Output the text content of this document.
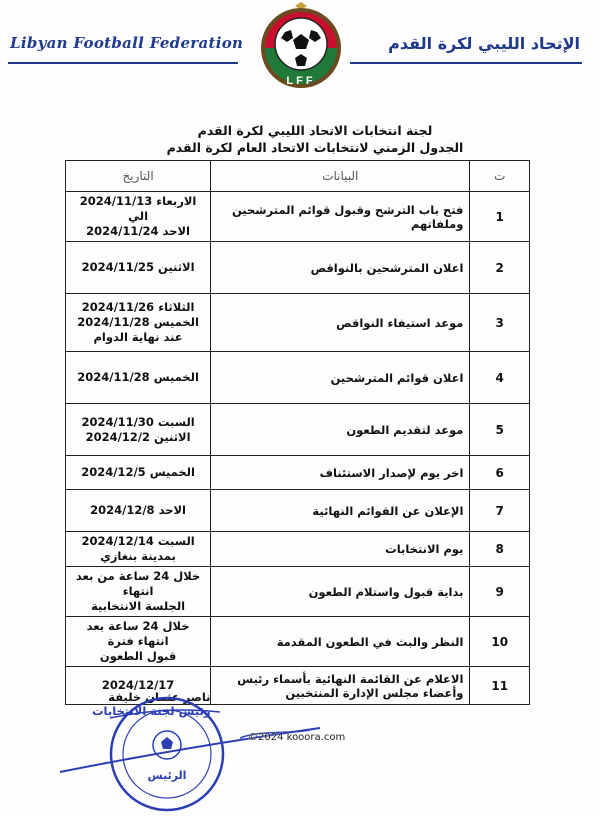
Libyan Football Federation
LFF
الإتحاد الليبي لكرة القدم
لجنة انتخابات الاتحاد الليبي لكرة القدم
الجدول الزمني لانتخابات الاتحاد العام لكرة القدم
ت	البيانات	التاريخ
1	فتح باب الترشح وقبول قوائم المترشحين وملفاتهم	الاربعاء 2024/11/13
الي
الاحد 2024/11/24

2	اعلان المترشحين بالنواقص	الاثنين 2024/11/25

3	موعد استيفاء النواقص	الثلاثاء 2024/11/26
الخميس 2024/11/28
عند نهاية الدوام

4	اعلان قوائم المترشحين	الخميس 2024/11/28

5	موعد لتقديم الطعون	السبت 2024/11/30
الاثنين 2024/12/2

6	اخر يوم لإصدار الاستئناف	الخميس 2024/12/5

7	الإعلان عن القوائم النهائية	الاحد 2024/12/8

8	يوم الانتخابات	السبت 2024/12/14
بمدينة بنغازي

9	بداية قبول واستلام الطعون	خلال 24 ساعة من بعد انتهاء
الجلسة الانتخابية

10	النظر والبث في الطعون المقدمة	خلال 24 ساعة بعد انتهاء فترة
قبول الطعون

11	الاعلام عن القائمة النهائية بأسماء رئيس وأعضاء مجلس الإدارة المنتخبين	2024/12/17
ناصر عثمان خليفة
رئيس لجنة الانتخابات
الرئيس
©2024 kooora.com
